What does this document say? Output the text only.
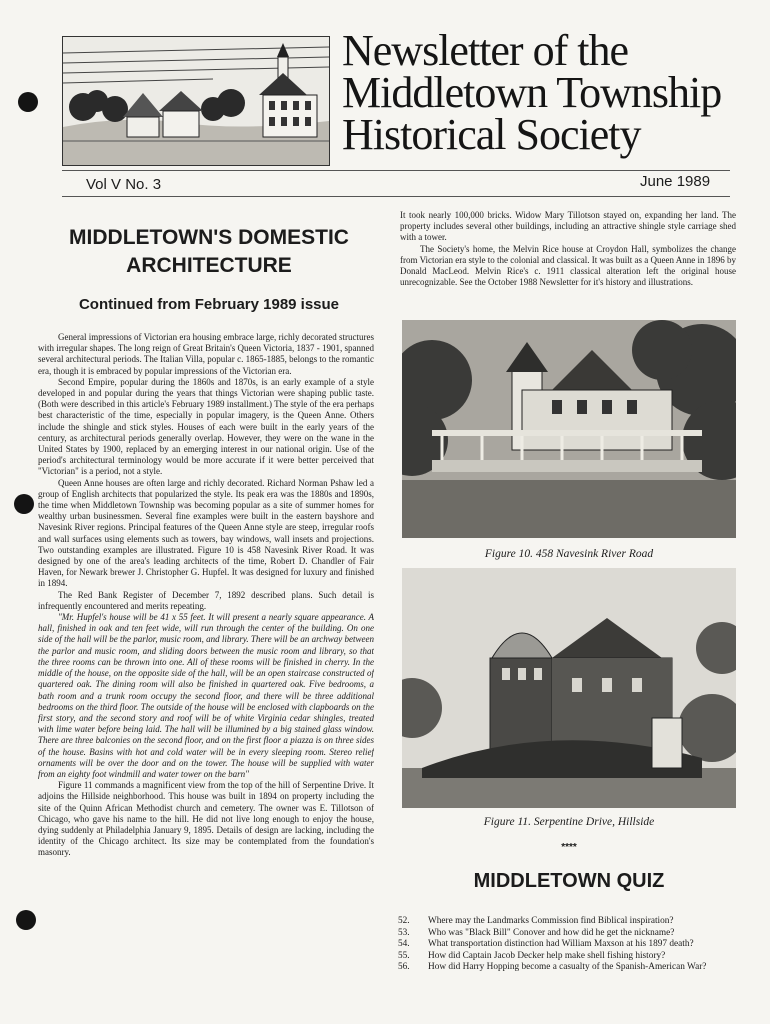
Newsletter of the
Middletown Township
Historical Society
Vol V No. 3	June 1989
MIDDLETOWN'S DOMESTIC
ARCHITECTURE
Continued from February 1989 issue

General impressions of Victorian era housing embrace large, richly decorated structures with irregular shapes. The long reign of Great Britain's Queen Victoria, 1837 - 1901, spanned several architectural periods. The Italian Villa, popular c. 1865-1885, belongs to the romantic era, though it is embraced by popular impressions of the Victorian era.

Second Empire, popular during the 1860s and 1870s, is an early example of a style developed in and popular during the years that things Victorian were shaping public taste. (Both were described in this article's February 1989 installment.) The style of the era perhaps best characteristic of the time, especially in popular imagery, is the Queen Anne. Others include the shingle and stick styles. Houses of each were built in the early years of the century, as architectural periods generally overlap. However, they were on the wane in the United States by 1900, replaced by an emerging interest in our national origin. Use of the period's architectural terminology would be more accurate if it were better perceived that "Victorian" is a period, not a style.

Queen Anne houses are often large and richly decorated. Richard Norman Pshaw led a group of English architects that popularized the style. Its peak era was the 1880s and 1890s, the time when Middletown Township was becoming popular as a site of summer homes for wealthy urban businessmen. Several fine examples were built in the eastern bayshore and Navesink River regions. Principal features of the Queen Anne style are steep, irregular roofs and wall surfaces using elements such as towers, bay windows, wall insets and projections. Two outstanding examples are illustrated. Figure 10 is 458 Navesink River Road. It was designed by one of the area's leading architects of the time, Robert D. Chandler of Fair Haven, for Newark brewer J. Christopher G. Hupfel. It was designed for luxury and finished in 1894.

The Red Bank Register of December 7, 1892 described plans. Such detail is infrequently encountered and merits repeating.

"Mr. Hupfel's house will be 41 x 55 feet. It will present a nearly square appearance. A hall, finished in oak and ten feet wide, will run through the center of the building. On one side of the hall will be the parlor, music room, and library. There will be an archway between the parlor and music room, and sliding doors between the music room and library, so that the three rooms can be thrown into one. All of these rooms will be finished in cherry. In the middle of the house, on the opposite side of the hall, will be an open staircase constructed of quartered oak. The dining room will also be finished in quartered oak. Five bedrooms, a bath room and a trunk room occupy the second floor, and there will be three additional bedrooms on the third floor. The outside of the house will be enclosed with clapboards on the first story, and the second story and roof will be of white Virginia cedar shingles, treated with lime water before being laid. The hall will be illumined by a big stained glass window. There are three balconies on the second floor, and on the first floor a piazza is on three sides of the house. Basins with hot and cold water will be in every sleeping room. Stereo relief ornaments will be over the door and on the tower. The house will be supplied with water from an eighty foot windmill and water tower on the barn"

Figure 11 commands a magnificent view from the top of the hill of Serpentine Drive. It adjoins the Hillside neighborhood. This house was built in 1894 on property including the site of the Quinn African Methodist church and cemetery. The owner was E. Tillotson of Chicago, who gave his name to the hill. He did not live long enough to enjoy the house, dying suddenly at Philadelphia January 9, 1895. Details of design are lacking, including the identity of the Chicago architect. Its size may be contemplated from the foundation's masonry.

It took nearly 100,000 bricks. Widow Mary Tillotson stayed on, expanding her land. The property includes several other buildings, including an attractive shingle style carriage shed with a tower.

The Society's home, the Melvin Rice house at Croydon Hall, symbolizes the change from Victorian era style to the colonial and classical. It was built as a Queen Anne in 1896 by Donald MacLeod. Melvin Rice's c. 1911 classical alteration left the original house unrecognizable. See the October 1988 Newsletter for it's history and illustrations.

Figure 10. 458 Navesink River Road
Figure 11. Serpentine Drive, Hillside
****
MIDDLETOWN QUIZ
52.	Where may the Landmarks Commission find Biblical inspiration?
53.	Who was "Black Bill" Conover and how did he get the nickname?
54.	What transportation distinction had William Maxson at his 1897 death?
55.	How did Captain Jacob Decker help make shell fishing history?
56.	How did Harry Hopping become a casualty of the Spanish-American War?
